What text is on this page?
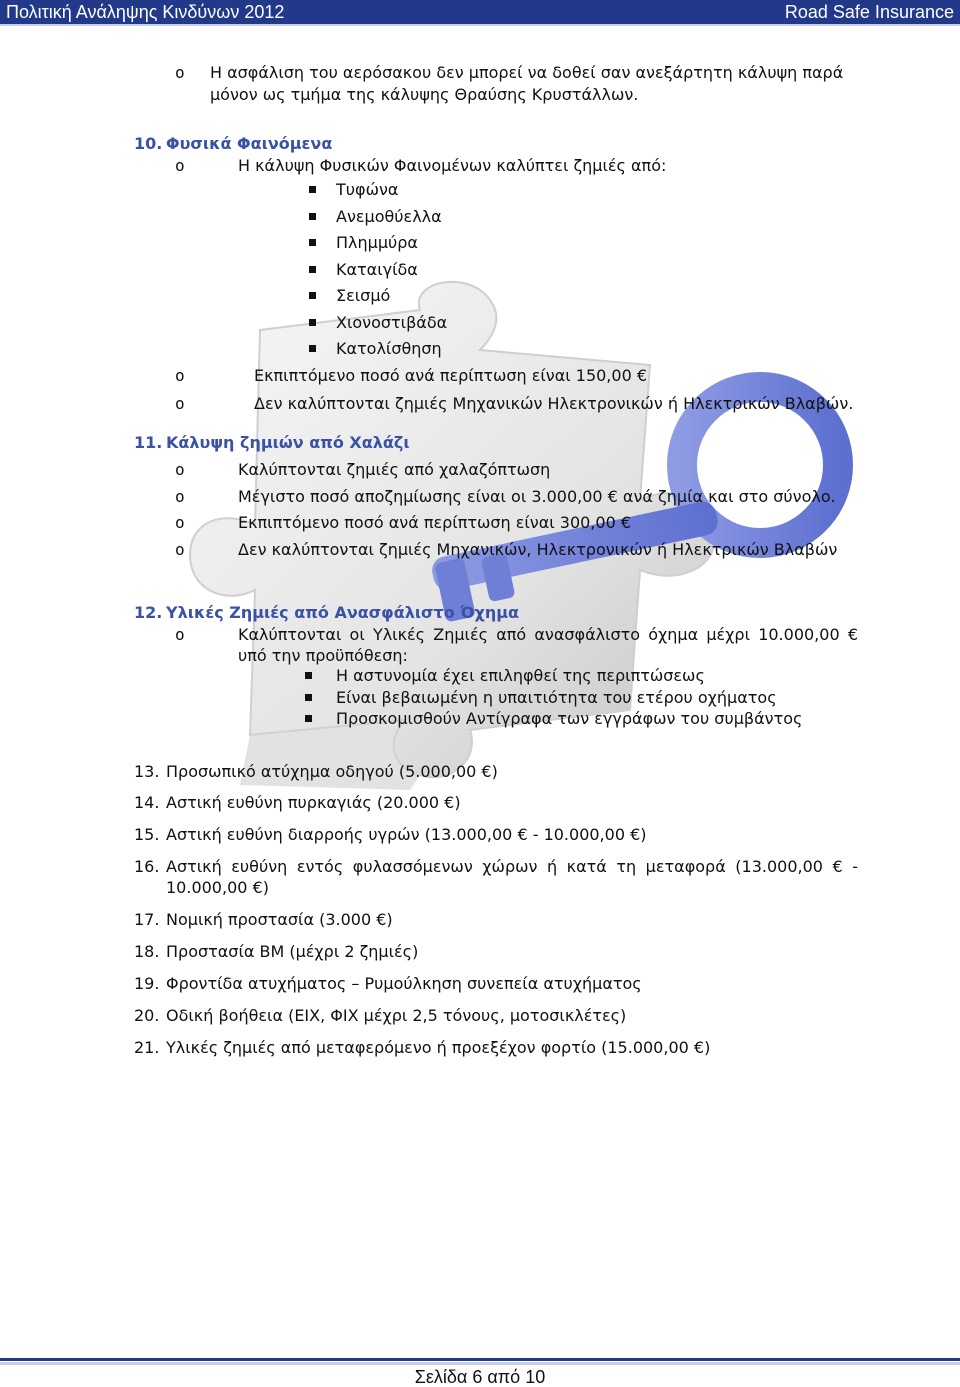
Πολιτική Ανάληψης Κινδύνων 2012	Road Safe Insurance
o Η ασφάλιση του αερόσακου δεν μπορεί να δοθεί σαν ανεξάρτητη κάλυψη παρά
μόνον ως τμήμα της κάλυψης Θραύσης Κρυστάλλων.
10. Φυσικά Φαινόμενα
o	Η κάλυψη Φυσικών Φαινομένων καλύπτει ζημιές από:
Τυφώνα
Ανεμοθύελλα
Πλημμύρα
Καταιγίδα
Σεισμό
Χιονοστιβάδα
Κατολίσθηση
o	Εκπιπτόμενο ποσό ανά περίπτωση είναι 150,00 €
o	Δεν καλύπτονται ζημιές Μηχανικών Ηλεκτρονικών ή Ηλεκτρικών Βλαβών.
11. Κάλυψη ζημιών από Χαλάζι
o	Καλύπτονται ζημιές από χαλαζόπτωση
o	Μέγιστο ποσό αποζημίωσης είναι οι 3.000,00 € ανά ζημία και στο σύνολο.
o	Εκπιπτόμενο ποσό ανά περίπτωση είναι 300,00 €
o	Δεν καλύπτονται ζημιές Μηχανικών, Ηλεκτρονικών ή Ηλεκτρικών Βλαβών
12. Υλικές Ζημιές από Ανασφάλιστο Όχημα
o	Καλύπτονται οι Υλικές Ζημιές από ανασφάλιστο όχημα μέχρι 10.000,00 €
υπό την προϋπόθεση:
Η αστυνομία έχει επιληφθεί της περιπτώσεως
Είναι βεβαιωμένη η υπαιτιότητα του ετέρου οχήματος
Προσκομισθούν Αντίγραφα των εγγράφων του συμβάντος
13. Προσωπικό ατύχημα οδηγού (5.000,00 €)
14. Αστική ευθύνη πυρκαγιάς (20.000 €)
15. Αστική ευθύνη διαρροής υγρών (13.000,00 € - 10.000,00 €)
16. Αστική ευθύνη εντός φυλασσόμενων χώρων ή κατά τη μεταφορά (13.000,00 € -
10.000,00 €)
17. Νομική προστασία (3.000 €)
18. Προστασία ΒΜ (μέχρι 2 ζημιές)
19. Φροντίδα ατυχήματος – Ρυμούλκηση συνεπεία ατυχήματος
20. Οδική βοήθεια (ΕΙΧ, ΦΙΧ μέχρι 2,5 τόνους, μοτοσικλέτες)
21. Υλικές ζημιές από μεταφερόμενο ή προεξέχον φορτίο (15.000,00 €)
Σελίδα 6 από 10
